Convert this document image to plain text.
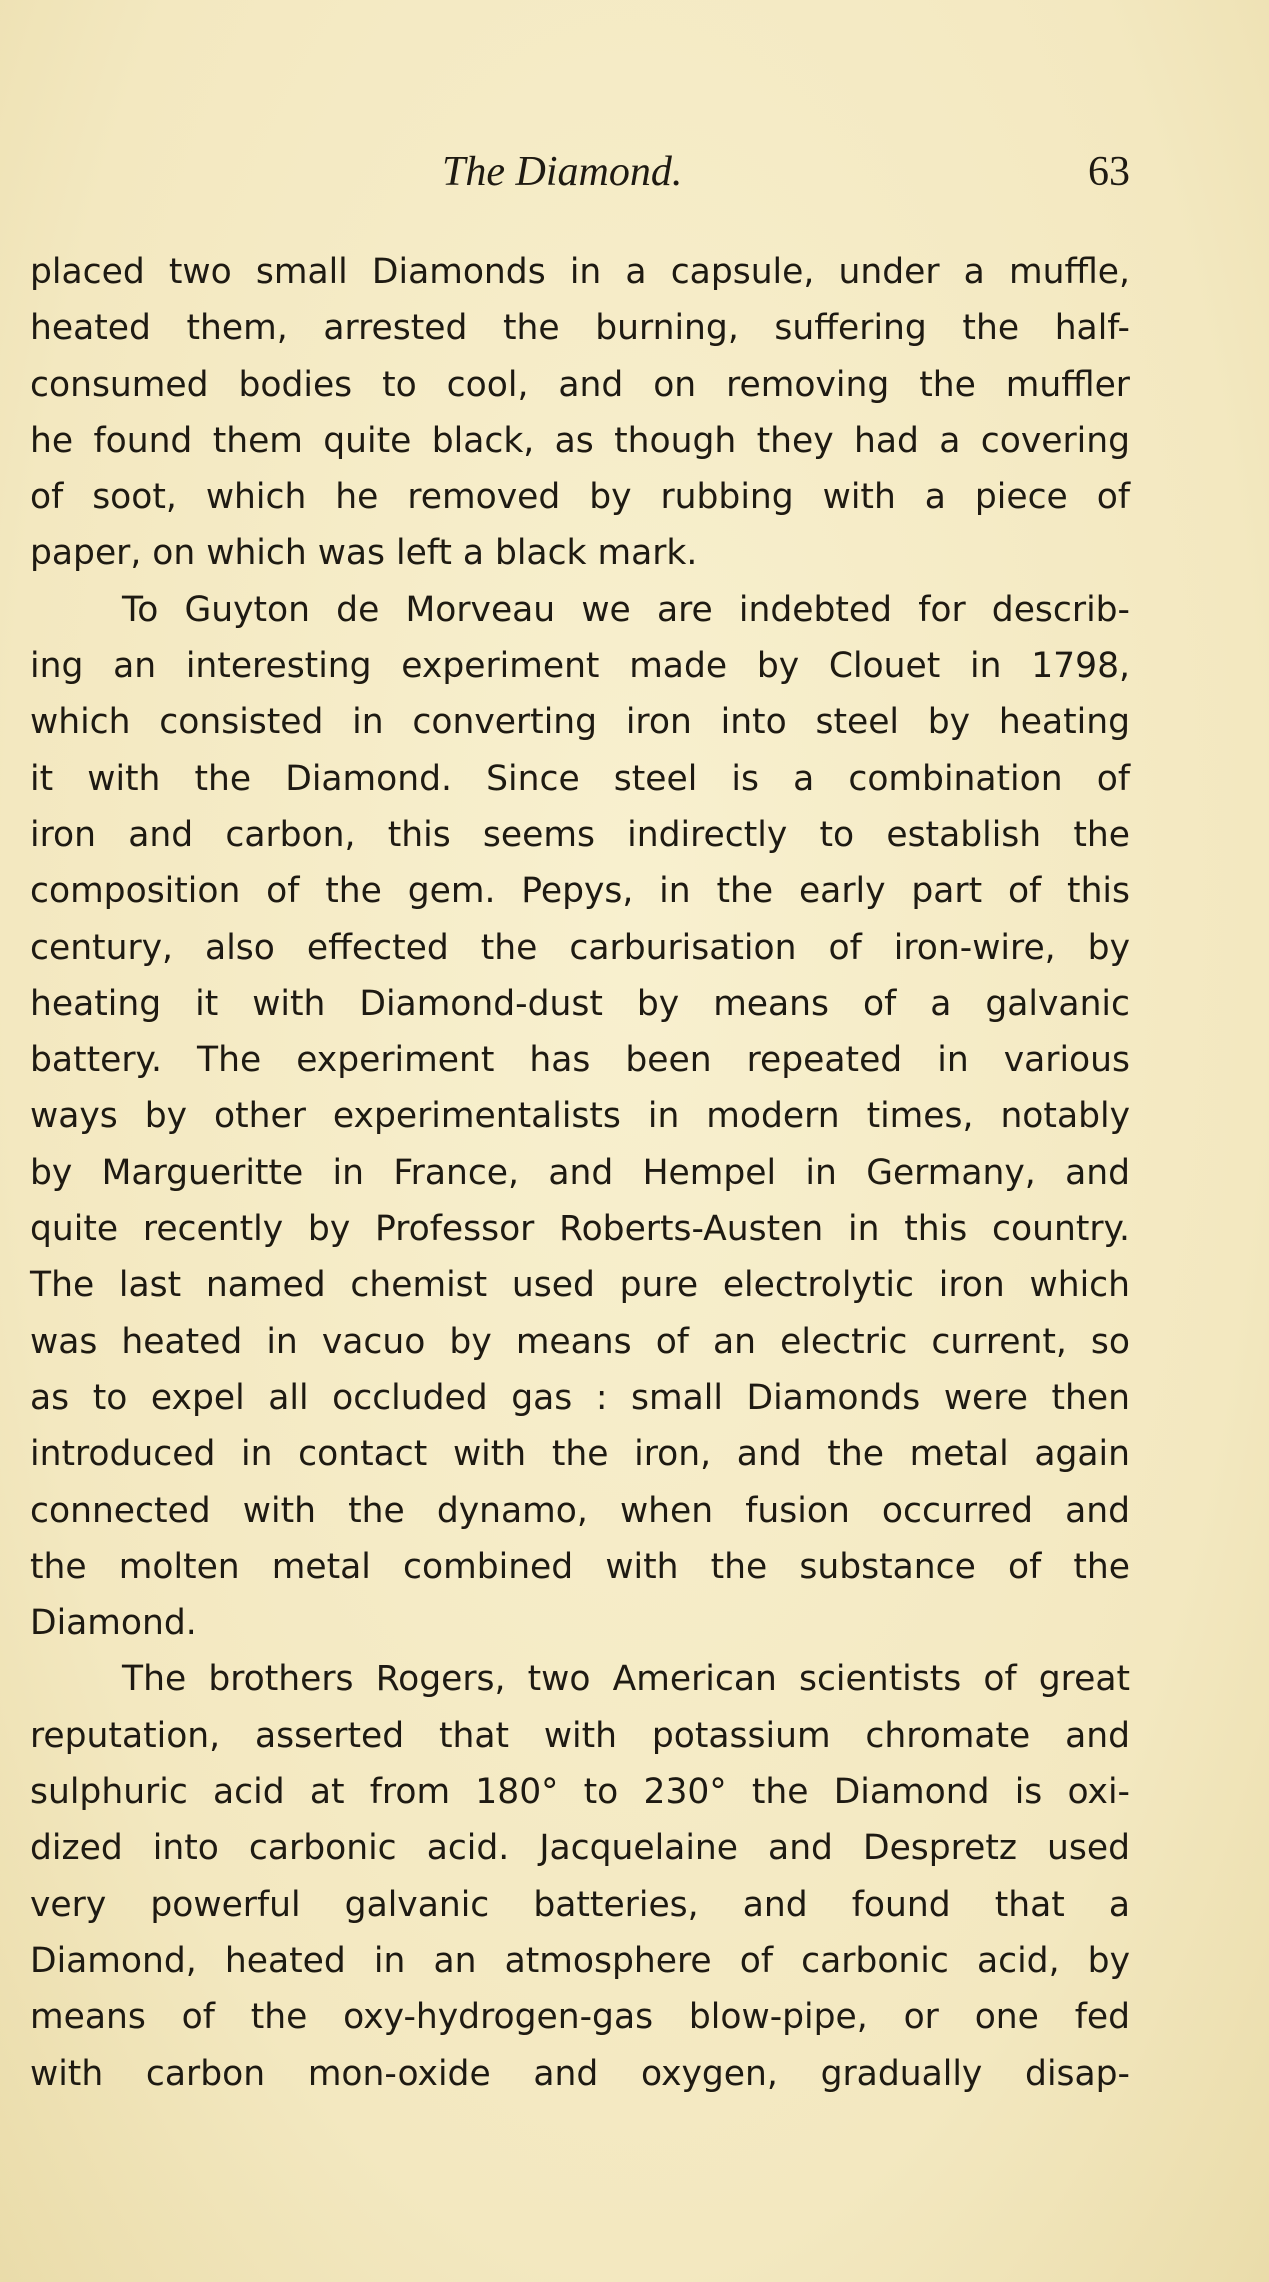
The Diamond.	63
placed two small Diamonds in a capsule, under a muffle,
heated them, arrested the burning, suffering the half-
consumed bodies to cool, and on removing the muffler
he found them quite black, as though they had a covering
of soot, which he removed by rubbing with a piece of
paper, on which was left a black mark.
To Guyton de Morveau we are indebted for describ-
ing an interesting experiment made by Clouet in 1798,
which consisted in converting iron into steel by heating
it with the Diamond. Since steel is a combination of
iron and carbon, this seems indirectly to establish the
composition of the gem. Pepys, in the early part of this
century, also effected the carburisation of iron-wire, by
heating it with Diamond-dust by means of a galvanic
battery. The experiment has been repeated in various
ways by other experimentalists in modern times, notably
by Margueritte in France, and Hempel in Germany, and
quite recently by Professor Roberts-Austen in this country.
The last named chemist used pure electrolytic iron which
was heated in vacuo by means of an electric current, so
as to expel all occluded gas : small Diamonds were then
introduced in contact with the iron, and the metal again
connected with the dynamo, when fusion occurred and
the molten metal combined with the substance of the
Diamond.
The brothers Rogers, two American scientists of great
reputation, asserted that with potassium chromate and
sulphuric acid at from 180° to 230° the Diamond is oxi-
dized into carbonic acid. Jacquelaine and Despretz used
very powerful galvanic batteries, and found that a
Diamond, heated in an atmosphere of carbonic acid, by
means of the oxy-hydrogen-gas blow-pipe, or one fed
with carbon mon-oxide and oxygen, gradually disap-
